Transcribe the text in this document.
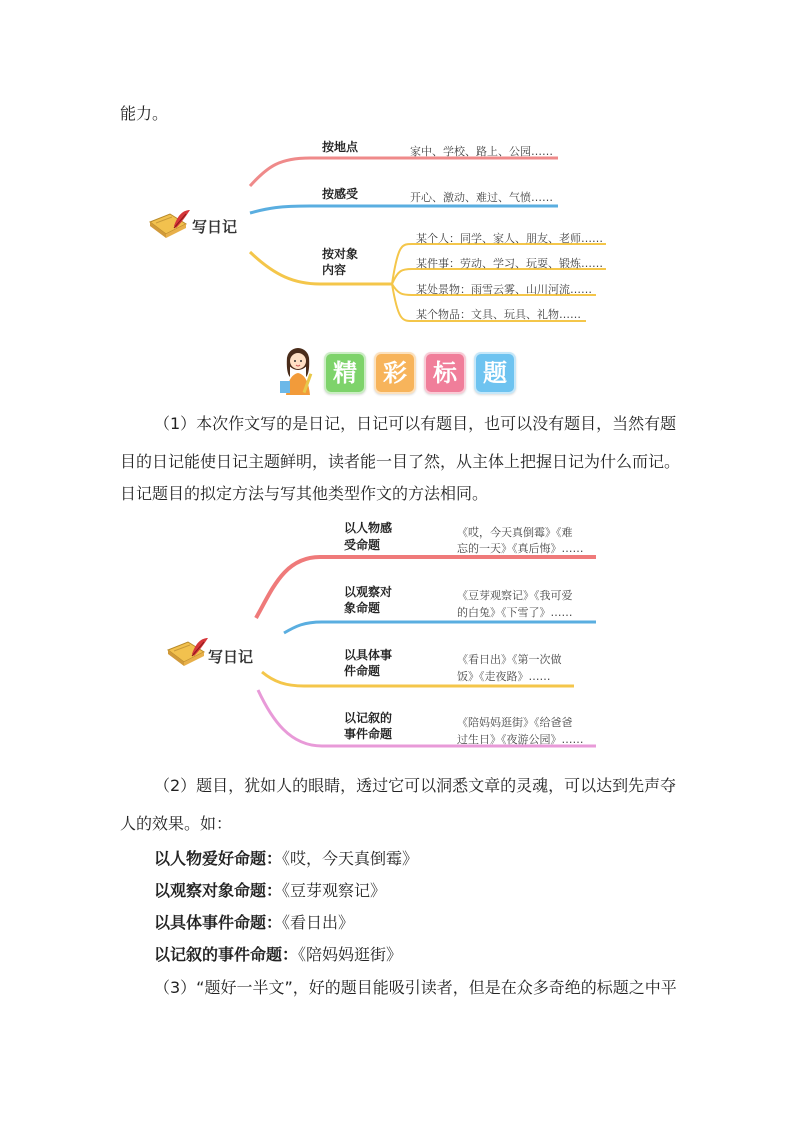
能力。
写日记
按地点	家中、学校、路上、公园……
按感受	开心、激动、难过、气愤……
按对象
内容
某个人：同学、家人、朋友、老师……
某件事：劳动、学习、玩耍、锻炼……
某处景物：雨雪云雾、山川河流……
某个物品：文具、玩具、礼物……
精	彩	标	题
（1）本次作文写的是日记，日记可以有题目，也可以没有题目，当然有题
目的日记能使日记主题鲜明，读者能一目了然，从主体上把握日记为什么而记。
日记题目的拟定方法与写其他类型作文的方法相同。
写日记
以人物感
受命题
《哎，今天真倒霉》《难
忘的一天》《真后悔》……
以观察对
象命题
《豆芽观察记》《我可爱
的白兔》《下雪了》……
以具体事
件命题
《看日出》《第一次做
饭》《走夜路》……
以记叙的
事件命题
《陪妈妈逛街》《给爸爸
过生日》《夜游公园》……
（2）题目，犹如人的眼睛，透过它可以洞悉文章的灵魂，可以达到先声夺
人的效果。如：
以人物爱好命题：《哎，今天真倒霉》
以观察对象命题：《豆芽观察记》
以具体事件命题：《看日出》
以记叙的事件命题：《陪妈妈逛街》
（3）“题好一半文”，好的题目能吸引读者，但是在众多奇绝的标题之中平
